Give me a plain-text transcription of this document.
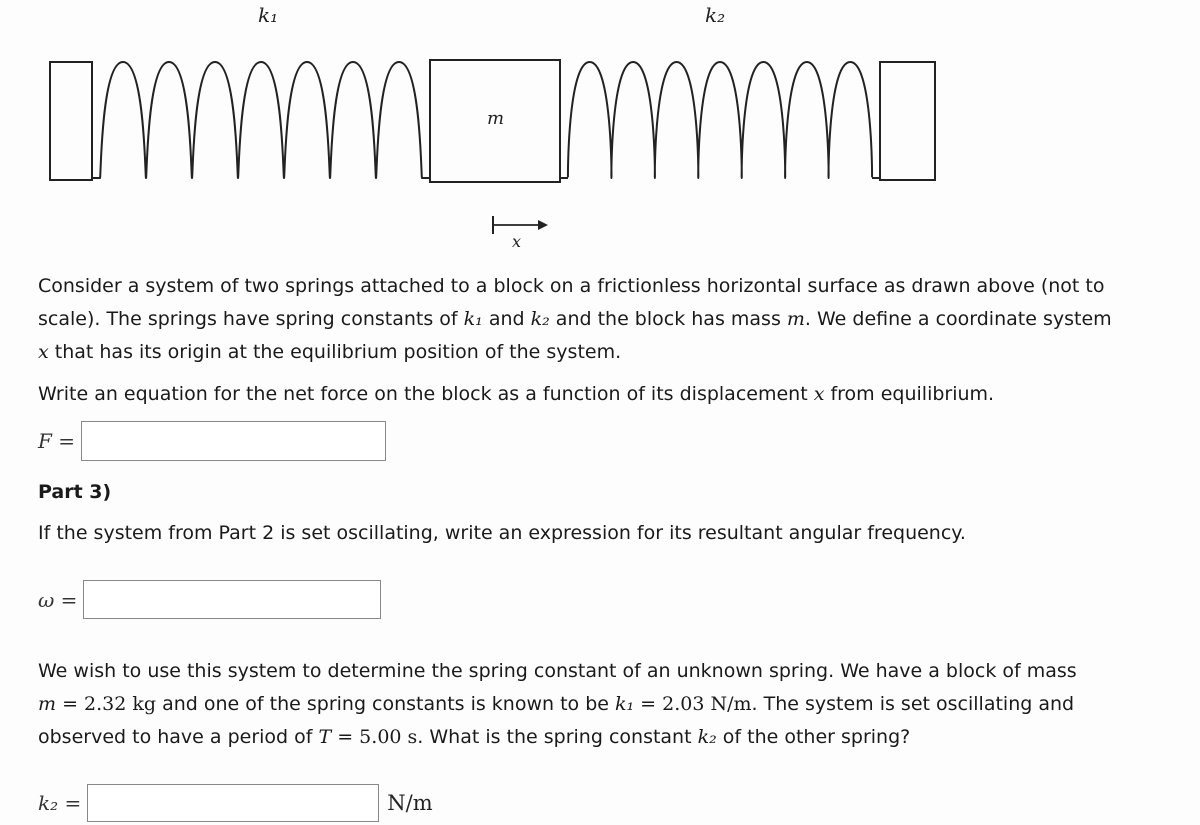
k₁	k₂
m
x

Consider a system of two springs attached to a block on a frictionless horizontal surface as drawn above (not to
scale). The springs have spring constants of k₁ and k₂ and the block has mass m. We define a coordinate system
x that has its origin at the equilibrium position of the system.

Write an equation for the net force on the block as a function of its displacement x from equilibrium.

F =

Part 3)

If the system from Part 2 is set oscillating, write an expression for its resultant angular frequency.

ω =

We wish to use this system to determine the spring constant of an unknown spring. We have a block of mass
m = 2.32 kg and one of the spring constants is known to be k₁ = 2.03 N/m. The system is set oscillating and
observed to have a period of T = 5.00 s. What is the spring constant k₂ of the other spring?

k₂ =	N/m
